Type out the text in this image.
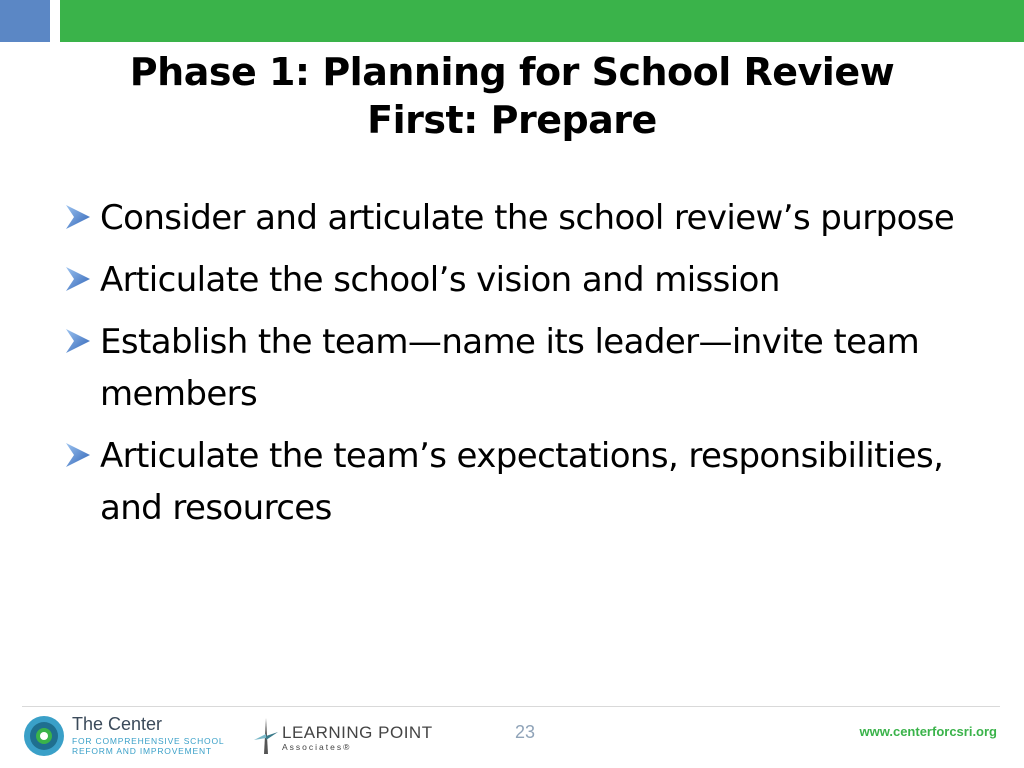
Phase 1: Planning for School Review
First: Prepare
Consider and articulate the school review’s purpose
Articulate the school’s vision and mission
Establish the team—name its leader—invite team members
Articulate the team’s expectations, responsibilities, and resources
The Center
FOR COMPREHENSIVE SCHOOL
REFORM AND IMPROVEMENT
LEARNING POINT
Associates®
23	www.centerforcsri.org
